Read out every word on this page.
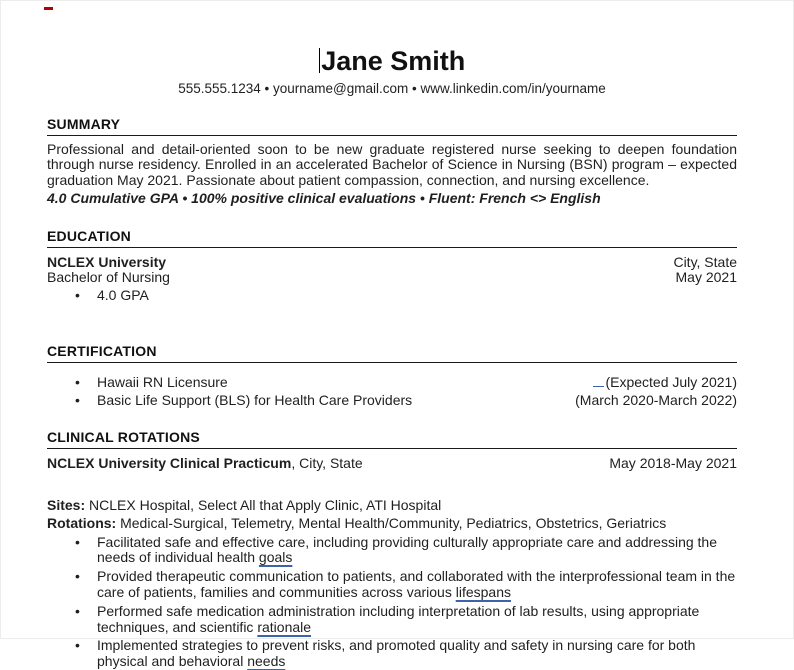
Jane Smith
555.555.1234 • yourname@gmail.com • www.linkedin.com/in/yourname
SUMMARY

Professional and detail-oriented soon to be new graduate registered nurse seeking to deepen foundation through nurse residency. Enrolled in an accelerated Bachelor of Science in Nursing (BSN) program – expected graduation May 2021. Passionate about patient compassion, connection, and nursing excellence.

4.0 Cumulative GPA • 100% positive clinical evaluations • Fluent: French <> English

EDUCATION
NCLEX University	City, State
Bachelor of Nursing	May 2021
• 4.0 GPA
CERTIFICATION
• Hawaii RN Licensure	(Expected July 2021)
• Basic Life Support (BLS) for Health Care Providers	(March 2020-March 2022)
CLINICAL ROTATIONS
NCLEX University Clinical Practicum, City, State	May 2018-May 2021
Sites: NCLEX Hospital, Select All that Apply Clinic, ATI Hospital
Rotations: Medical-Surgical, Telemetry, Mental Health/Community, Pediatrics, Obstetrics, Geriatrics
• Facilitated safe and effective care, including providing culturally appropriate care and addressing the needs of individual health goals
• Provided therapeutic communication to patients, and collaborated with the interprofessional team in the care of patients, families and communities across various lifespans
• Performed safe medication administration including interpretation of lab results, using appropriate techniques, and scientific rationale
• Implemented strategies to prevent risks, and promoted quality and safety in nursing care for both physical and behavioral needs
